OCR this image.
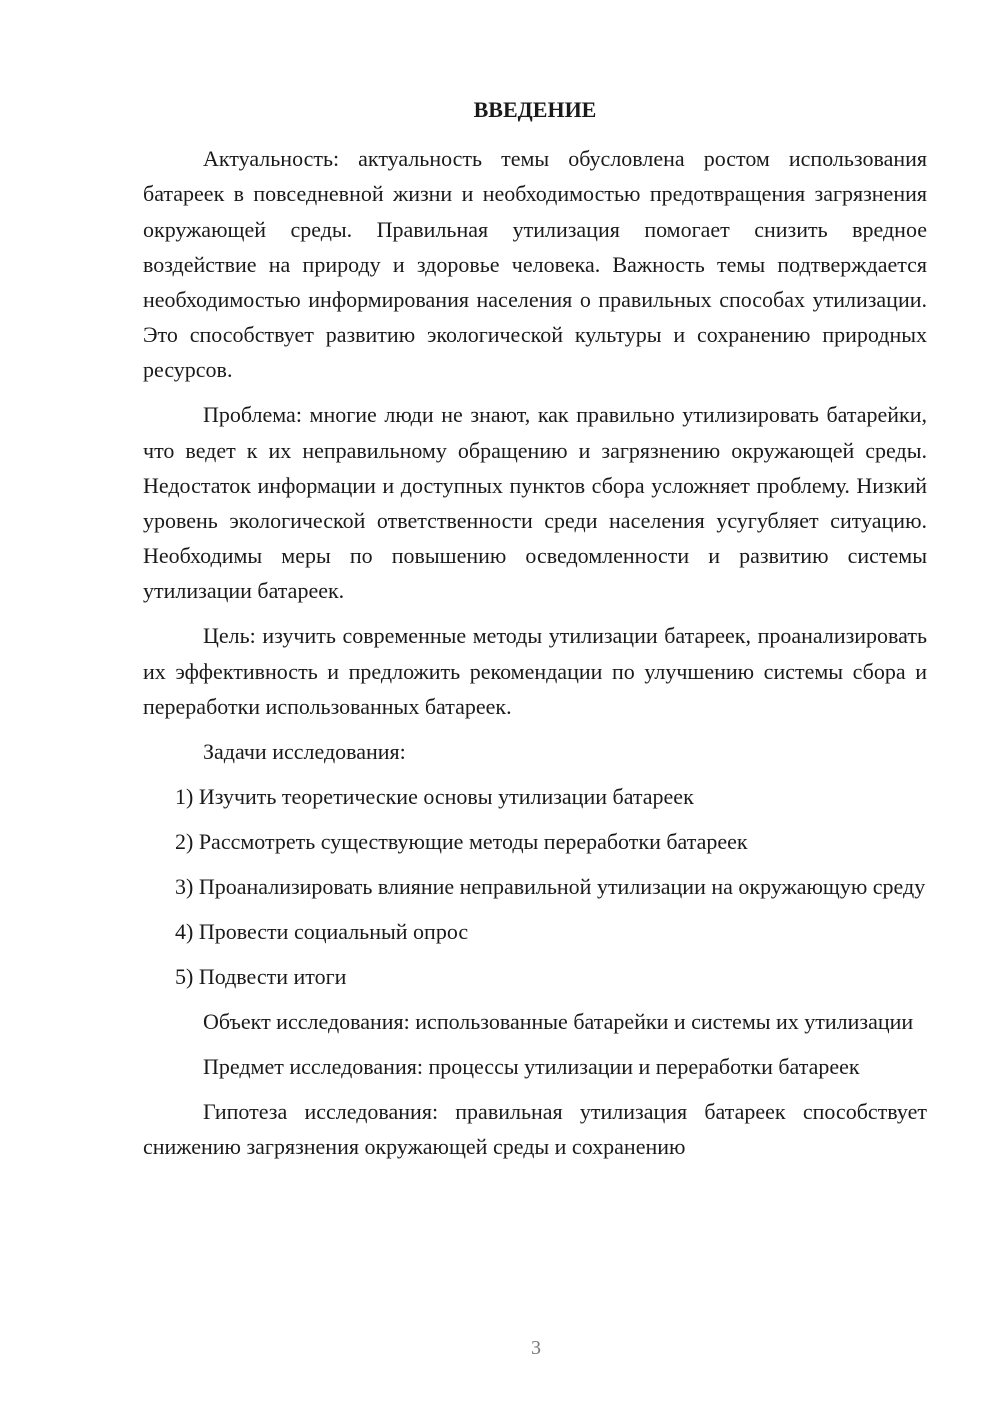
ВВЕДЕНИЕ

Актуальность: актуальность темы обусловлена ростом использования батареек в повседневной жизни и необходимостью предотвращения загрязнения окружающей среды. Правильная утилизация помогает снизить вредное воздействие на природу и здоровье человека. Важность темы подтверждается необходимостью информирования населения о правильных способах утилизации. Это способствует развитию экологической культуры и сохранению природных ресурсов.

Проблема: многие люди не знают, как правильно утилизировать батарейки, что ведет к их неправильному обращению и загрязнению окружающей среды. Недостаток информации и доступных пунктов сбора усложняет проблему. Низкий уровень экологической ответственности среди населения усугубляет ситуацию. Необходимы меры по повышению осведомленности и развитию системы утилизации батареек.

Цель: изучить современные методы утилизации батареек, проанализировать их эффективность и предложить рекомендации по улучшению системы сбора и переработки использованных батареек.

Задачи исследования:

1) Изучить теоретические основы утилизации батареек

2) Рассмотреть существующие методы переработки батареек

3) Проанализировать влияние неправильной утилизации на окружающую среду

4) Провести социальный опрос

5) Подвести итоги

Объект исследования: использованные батарейки и системы их утилизации

Предмет исследования: процессы утилизации и переработки батареек

Гипотеза исследования: правильная утилизация батареек способствует снижению загрязнения окружающей среды и сохранению

3
